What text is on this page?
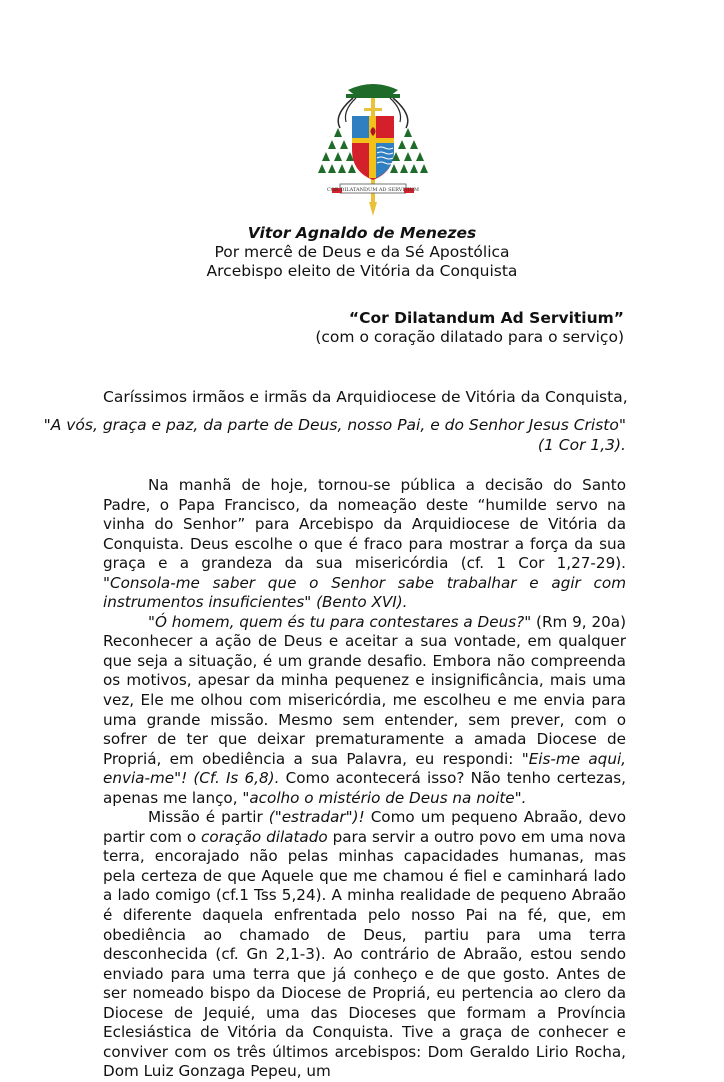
COR DILATANDUM AD SERVITIUM
Vitor Agnaldo de Menezes
Por mercê de Deus e da Sé Apostólica
Arcebispo eleito de Vitória da Conquista
“Cor Dilatandum Ad Servitium”
(com o coração dilatado para o serviço)
Caríssimos irmãos e irmãs da Arquidiocese de Vitória da Conquista,
"A vós, graça e paz, da parte de Deus, nosso Pai, e do Senhor Jesus Cristo"
(1 Cor 1,3).

Na manhã de hoje, tornou-se pública a decisão do Santo Padre, o Papa Francisco, da nomeação deste “humilde servo na vinha do Senhor” para Arcebispo da Arquidiocese de Vitória da Conquista. Deus escolhe o que é fraco para mostrar a força da sua graça e a grandeza da sua misericórdia (cf. 1 Cor 1,27-29). "Consola-me saber que o Senhor sabe trabalhar e agir com instrumentos insuficientes" (Bento XVI).

"Ó homem, quem és tu para contestares a Deus?" (Rm 9, 20a) Reconhecer a ação de Deus e aceitar a sua vontade, em qualquer que seja a situação, é um grande desafio. Embora não compreenda os motivos, apesar da minha pequenez e insignificância, mais uma vez, Ele me olhou com misericórdia, me escolheu e me envia para uma grande missão. Mesmo sem entender, sem prever, com o sofrer de ter que deixar prematuramente a amada Diocese de Propriá, em obediência a sua Palavra, eu respondi: "Eis-me aqui, envia-me"! (Cf. Is 6,8). Como acontecerá isso? Não tenho certezas, apenas me lanço, "acolho o mistério de Deus na noite".

Missão é partir ("estradar")! Como um pequeno Abraão, devo partir com o coração dilatado para servir a outro povo em uma nova terra, encorajado não pelas minhas capacidades humanas, mas pela certeza de que Aquele que me chamou é fiel e caminhará lado a lado comigo (cf.1 Tss 5,24). A minha realidade de pequeno Abraão é diferente daquela enfrentada pelo nosso Pai na fé, que, em obediência ao chamado de Deus, partiu para uma terra desconhecida (cf. Gn 2,1-3). Ao contrário de Abraão, estou sendo enviado para uma terra que já conheço e de que gosto. Antes de ser nomeado bispo da Diocese de Propriá, eu pertencia ao clero da Diocese de Jequié, uma das Dioceses que formam a Província Eclesiástica de Vitória da Conquista. Tive a graça de conhecer e conviver com os três últimos arcebispos: Dom Geraldo Lirio Rocha, Dom Luiz Gonzaga Pepeu, um
